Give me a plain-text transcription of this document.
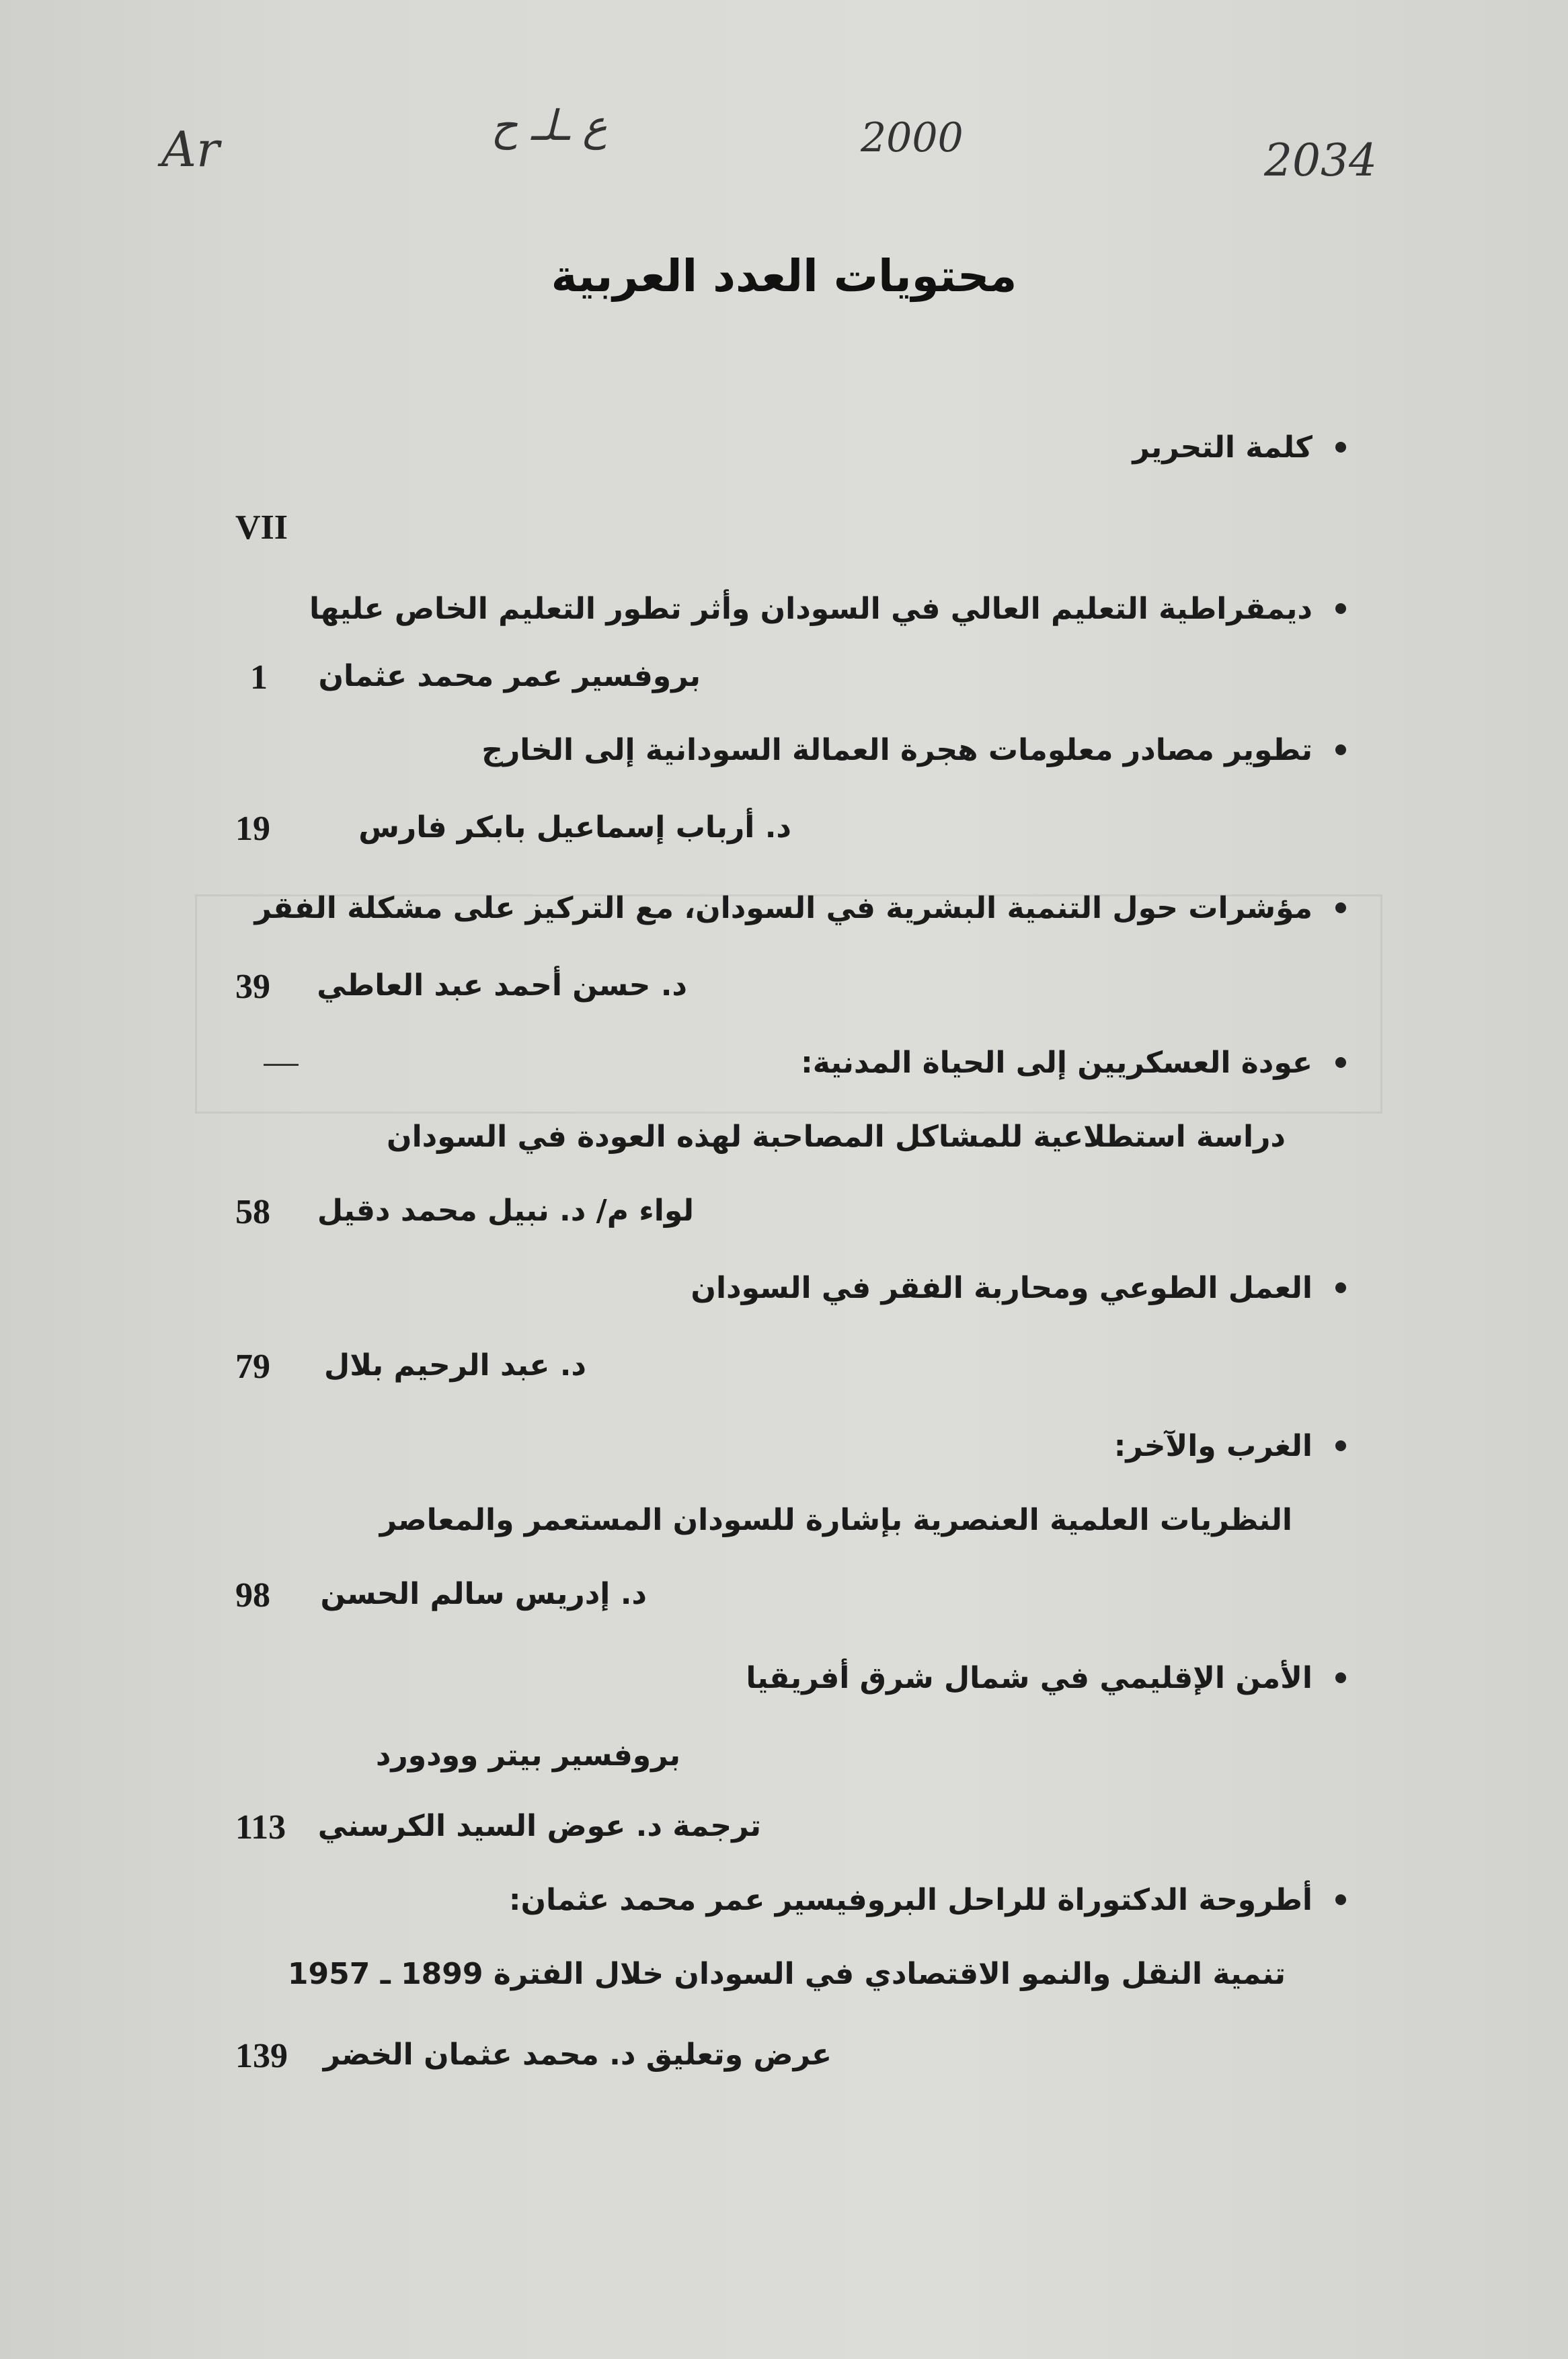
Ar	ع ـلـ ح	2000	2034
محتويات العدد العربية
كلمة التحرير
VII
ديمقراطية التعليم العالي في السودان وأثر تطور التعليم الخاص عليها
بروفسير عمر محمد عثمان
1
تطوير مصادر معلومات هجرة العمالة السودانية إلى الخارج
د. أرباب إسماعيل بابكر فارس
19
مؤشرات حول التنمية البشرية في السودان، مع التركيز على مشكلة الفقر
د. حسن أحمد عبد العاطي
39
عودة العسكريين إلى الحياة المدنية:
دراسة استطلاعية للمشاكل المصاحبة لهذه العودة في السودان
لواء م/ د. نبيل محمد دقيل
58
العمل الطوعي ومحاربة الفقر في السودان
د. عبد الرحيم بلال
79
الغرب والآخر:
النظريات العلمية العنصرية بإشارة للسودان المستعمر والمعاصر
د. إدريس سالم الحسن
98
الأمن الإقليمي في شمال شرق أفريقيا
بروفسير بيتر وودورد
ترجمة د. عوض السيد الكرسني
113
أطروحة الدكتوراة للراحل البروفيسير عمر محمد عثمان:
تنمية النقل والنمو الاقتصادي في السودان خلال الفترة 1899 ـ 1957
عرض وتعليق د. محمد عثمان الخضر
139
